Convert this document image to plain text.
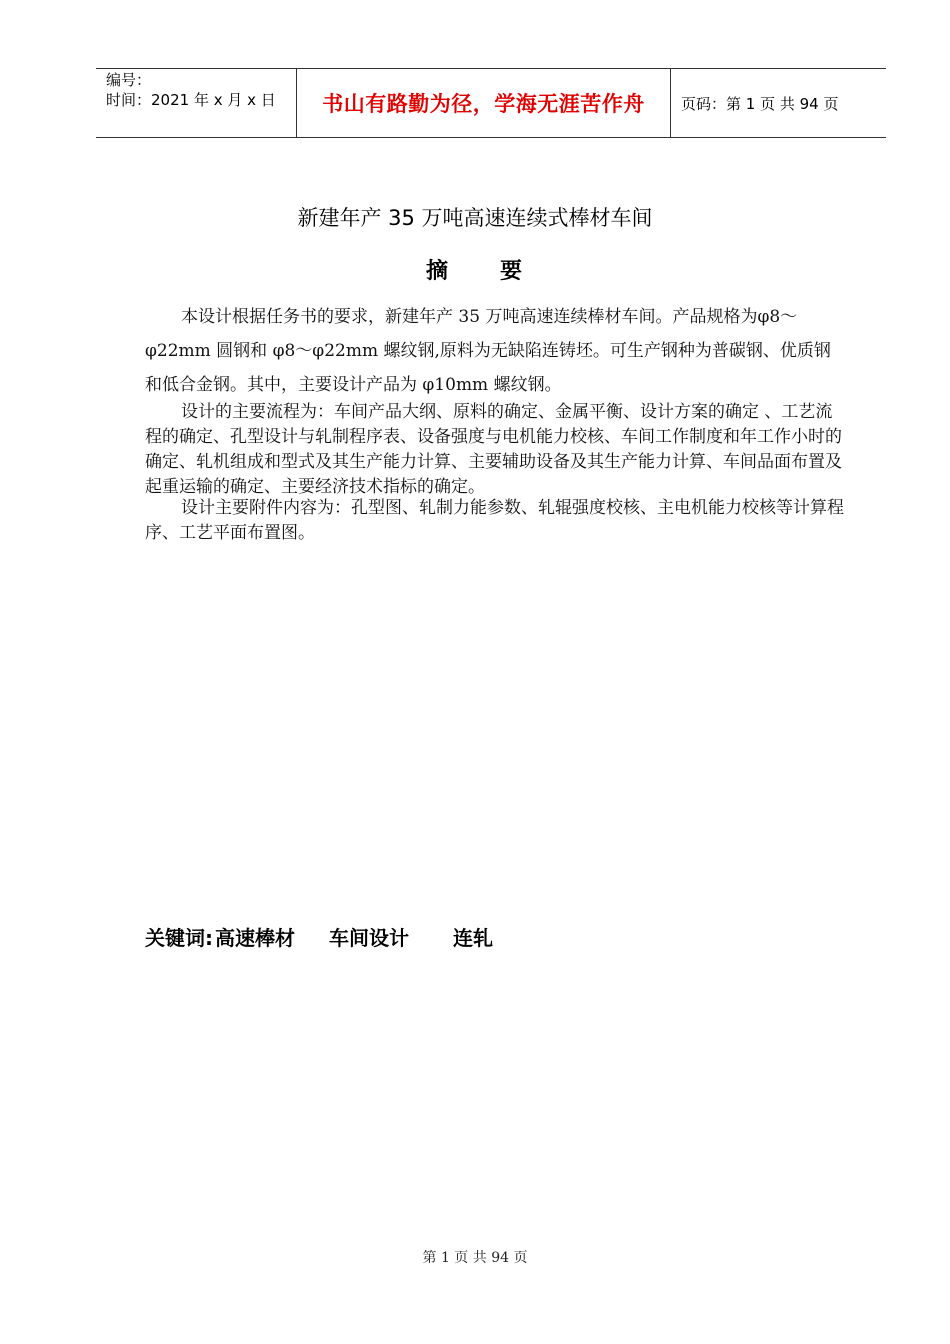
编号：
时间：2021 年 x 月 x 日 书山有路勤为径，学海无涯苦作舟 页码：第 1 页 共 94 页
新建年产 35 万吨高速连续式棒材车间
摘 要

本设计根据任务书的要求，新建年产 35 万吨高速连续棒材车间。产品规格为φ8～φ22mm 圆钢和 φ8～φ22mm 螺纹钢,原料为无缺陷连铸坯。可生产钢种为普碳钢、优质钢和低合金钢。其中，主要设计产品为 φ10mm 螺纹钢。

设计的主要流程为：车间产品大纲、原料的确定、金属平衡、设计方案的确定 、工艺流程的确定、孔型设计与轧制程序表、设备强度与电机能力校核、车间工作制度和年工作小时的确定、轧机组成和型式及其生产能力计算、主要辅助设备及其生产能力计算、车间品面布置及起重运输的确定、主要经济技术指标的确定。

设计主要附件内容为：孔型图、轧制力能参数、轧辊强度校核、主电机能力校核等计算程序、工艺平面布置图。

关键词: 高速棒材 车间设计 连轧
第 1 页 共 94 页
